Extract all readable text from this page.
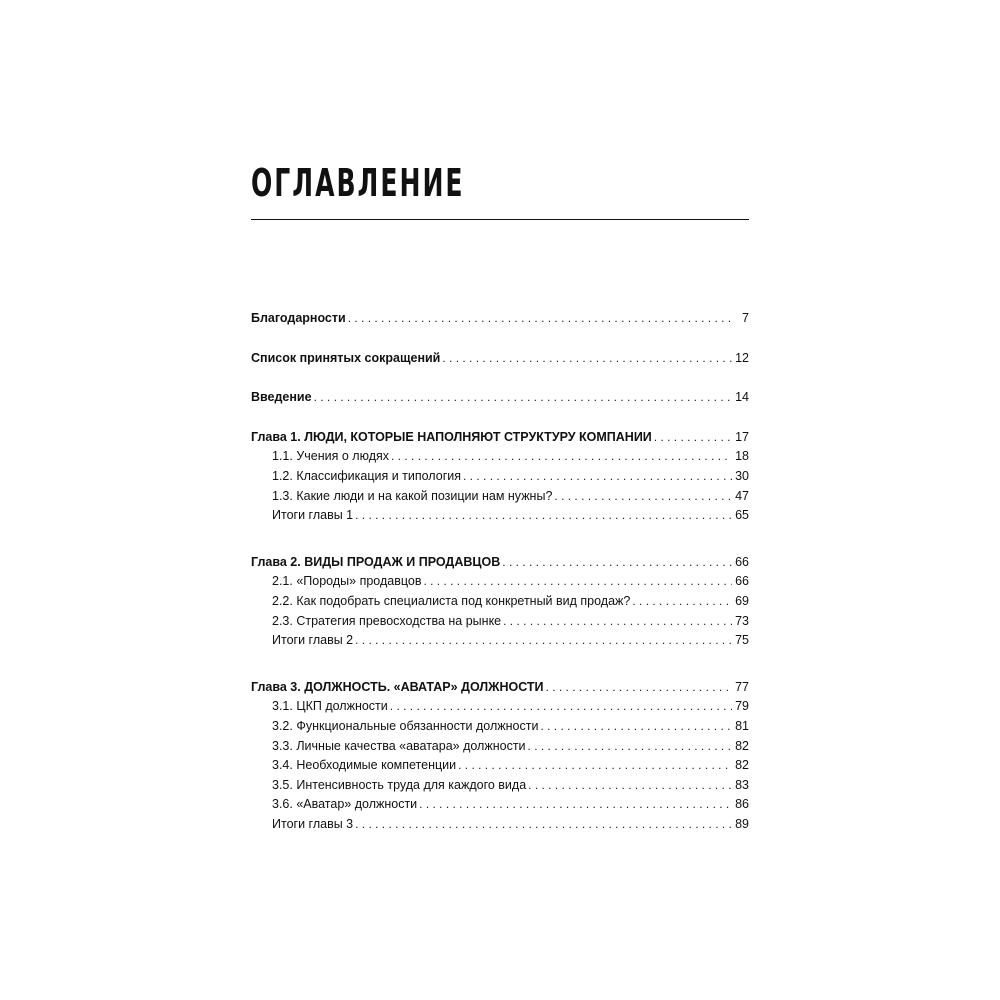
ОГЛАВЛЕНИЕ
Благодарности . . .	7
Список принятых сокращений . . .	12
Введение . . .	14
Глава 1. ЛЮДИ, КОТОРЫЕ НАПОЛНЯЮТ СТРУКТУРУ КОМПАНИИ . . .	17
1.1. Учения о людях . . .	18
1.2. Классификация и типология . . .	30
1.3. Какие люди и на какой позиции нам нужны? . . .	47
Итоги главы 1 . . .	65
Глава 2. ВИДЫ ПРОДАЖ И ПРОДАВЦОВ . . .	66
2.1. «Породы» продавцов . . .	66
2.2. Как подобрать специалиста под конкретный вид продаж? . . .	69
2.3. Стратегия превосходства на рынке . . .	73
Итоги главы 2 . . .	75
Глава 3. ДОЛЖНОСТЬ. «АВАТАР» ДОЛЖНОСТИ . . .	77
3.1. ЦКП должности . . .	79
3.2. Функциональные обязанности должности . . .	81
3.3. Личные качества «аватара» должности . . .	82
3.4. Необходимые компетенции . . .	82
3.5. Интенсивность труда для каждого вида . . .	83
3.6. «Аватар» должности . . .	86
Итоги главы 3 . . .	89
